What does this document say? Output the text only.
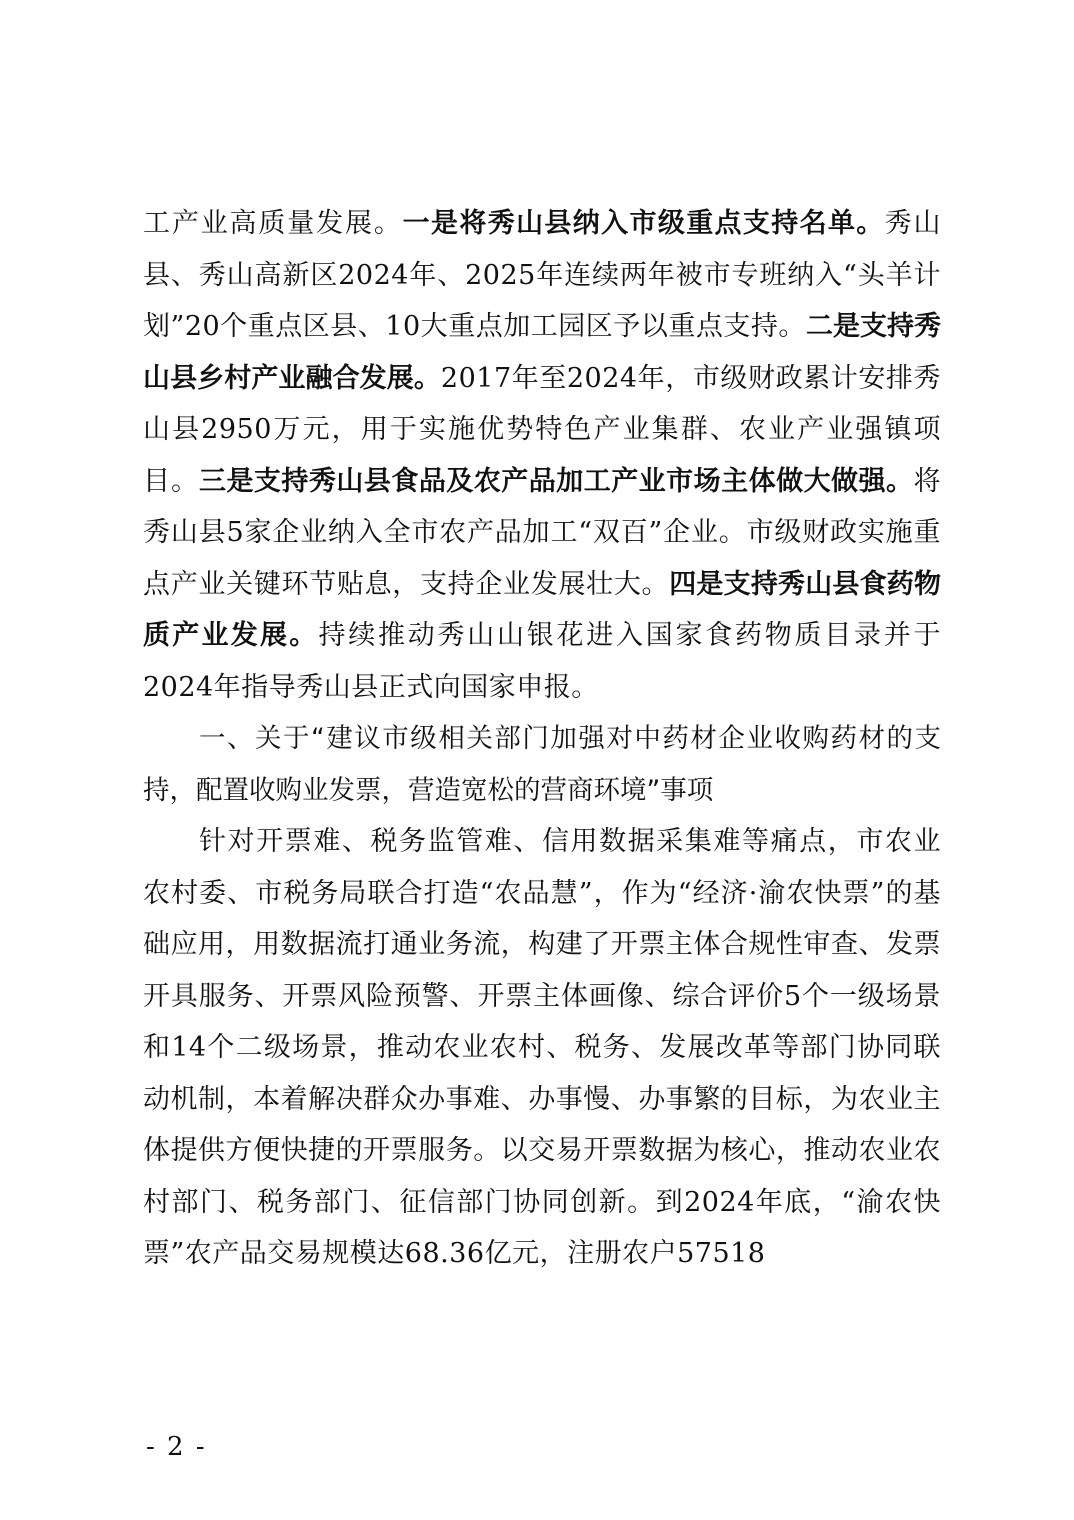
工产业高质量发展。一是将秀山县纳入市级重点支持名单。秀山县、秀山高新区2024年、2025年连续两年被市专班纳入“头羊计划”20个重点区县、10大重点加工园区予以重点支持。二是支持秀山县乡村产业融合发展。2017年至2024年，市级财政累计安排秀山县2950万元，用于实施优势特色产业集群、农业产业强镇项目。三是支持秀山县食品及农产品加工产业市场主体做大做强。将秀山县5家企业纳入全市农产品加工“双百”企业。市级财政实施重点产业关键环节贴息，支持企业发展壮大。四是支持秀山县食药物质产业发展。持续推动秀山山银花进入国家食药物质目录并于2024年指导秀山县正式向国家申报。

一、关于“建议市级相关部门加强对中药材企业收购药材的支持，配置收购业发票，营造宽松的营商环境”事项

针对开票难、税务监管难、信用数据采集难等痛点，市农业农村委、市税务局联合打造“农品慧”，作为“经济·渝农快票”的基础应用，用数据流打通业务流，构建了开票主体合规性审查、发票开具服务、开票风险预警、开票主体画像、综合评价5个一级场景和14个二级场景，推动农业农村、税务、发展改革等部门协同联动机制，本着解决群众办事难、办事慢、办事繁的目标，为农业主体提供方便快捷的开票服务。以交易开票数据为核心，推动农业农村部门、税务部门、征信部门协同创新。到2024年底，“渝农快票”农产品交易规模达68.36亿元，注册农户57518

- 2 -
